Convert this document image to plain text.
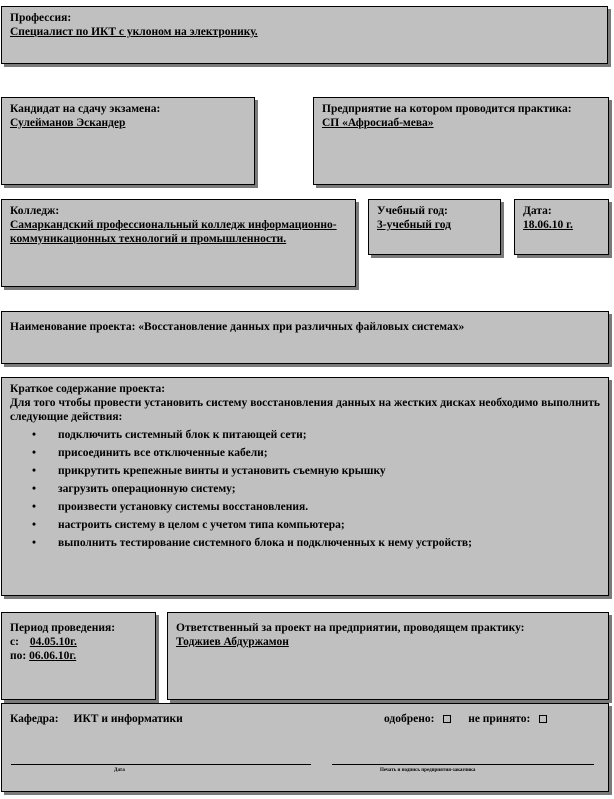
Профессия:
Специалист по ИКТ с уклоном на электронику.
Кандидат на сдачу экзамена:
Сулейманов Эскандер
Предприятие на котором проводится практика:
СП «Афросиаб-мева»
Колледж:
Самаркандский профессиональный колледж информационно-коммуникационных технологий и промышленности.
Учебный год:
3-учебный год
Дата:
18.06.10 г.
Наименование проекта: «Восстановление данных при различных файловых системах»
Краткое содержание проекта:
Для того чтобы провести установить систему восстановления данных на жестких дисках необходимо выполнить следующие действия:
• подключить системный блок к питающей сети;
• присоединить все отключенные кабели;
• прикрутить крепежные винты и установить съемную крышку
• загрузить операционную систему;
• произвести установку системы восстановления.
• настроить систему в целом с учетом типа компьютера;
• выполнить тестирование системного блока и подключенных к нему устройств;
Период проведения:
с: 04.05.10г.
по: 06.06.10г.
Ответственный за проект на предприятии, проводящем практику:
Тоджиев Абдуржамон
Кафедра: ИКТ и информатики	одобрено:	не принято:
Дата	Печать и подпись предприятия-заказчика
